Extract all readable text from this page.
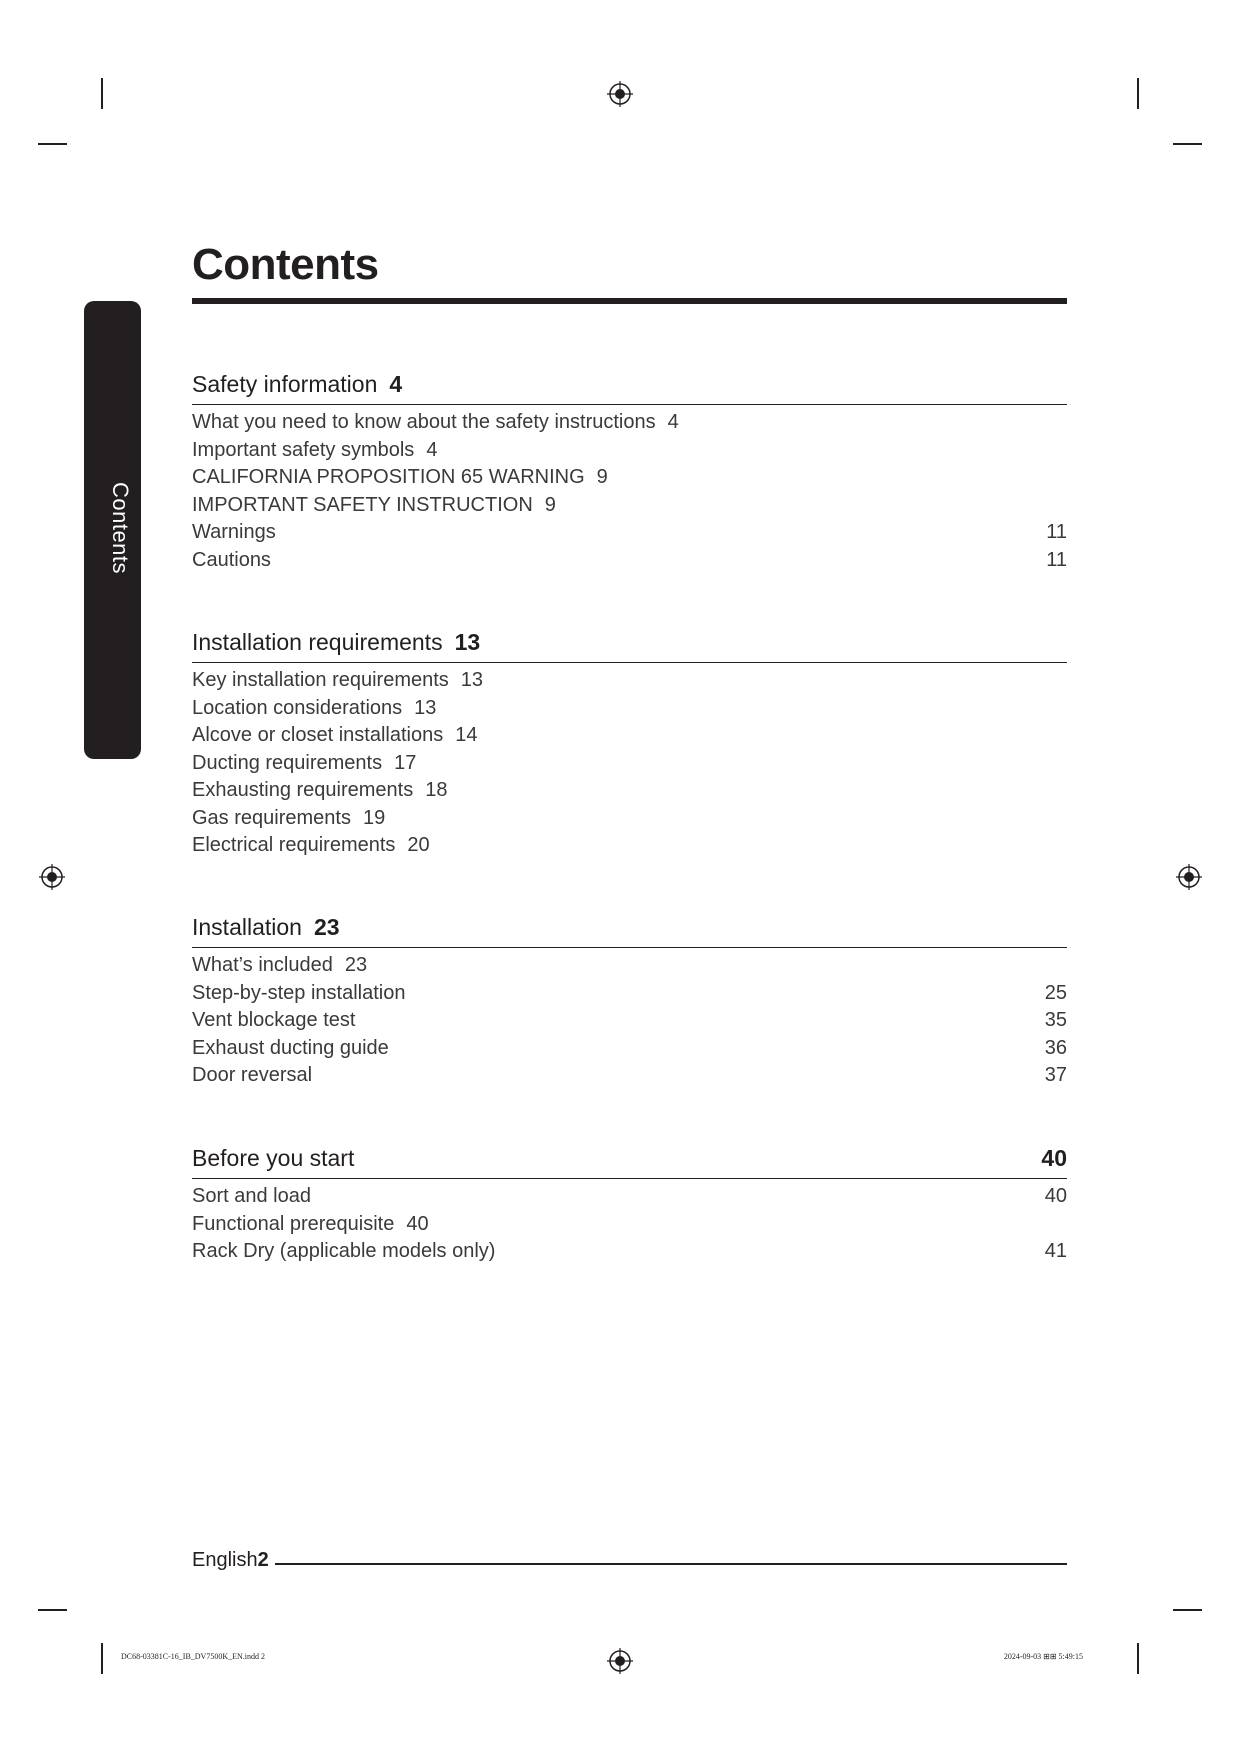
Contents
Contents
Safety information 4
What you need to know about the safety instructions 4
Important safety symbols 4
CALIFORNIA PROPOSITION 65 WARNING 9
IMPORTANT SAFETY INSTRUCTION 9
Warnings	11
Cautions	11
Installation requirements 13
Key installation requirements 13
Location considerations 13
Alcove or closet installations 14
Ducting requirements 17
Exhausting requirements 18
Gas requirements 19
Electrical requirements 20
Installation 23
What’s included 23
Step-by-step installation	25
Vent blockage test	35
Exhaust ducting guide	36
Door reversal	37
Before you start	40
Sort and load	40
Functional prerequisite 40
Rack Dry (applicable models only)	41
English2
DC68-03381C-16_IB_DV7500K_EN.indd 2	2024-09-03 ⊞⊞ 5:49:15
